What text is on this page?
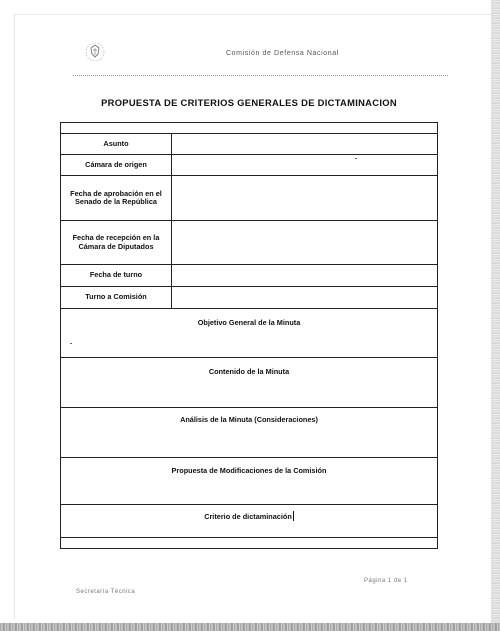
Comisión de Defensa Nacional
PROPUESTA DE CRITERIOS GENERALES DE DICTAMINACION
Asunto
Cámara de origen
Fecha de aprobación en el Senado de la República
Fecha de recepción en la Cámara de Diputados
Fecha de turno
Turno a Comisión
Objetivo General de la Minuta
Contenido de la Minuta
Análisis de la Minuta (Consideraciones)
Propuesta de Modificaciones de la Comisión
Criterio de dictaminación
Secretaría Técnica
Página 1 de 1
